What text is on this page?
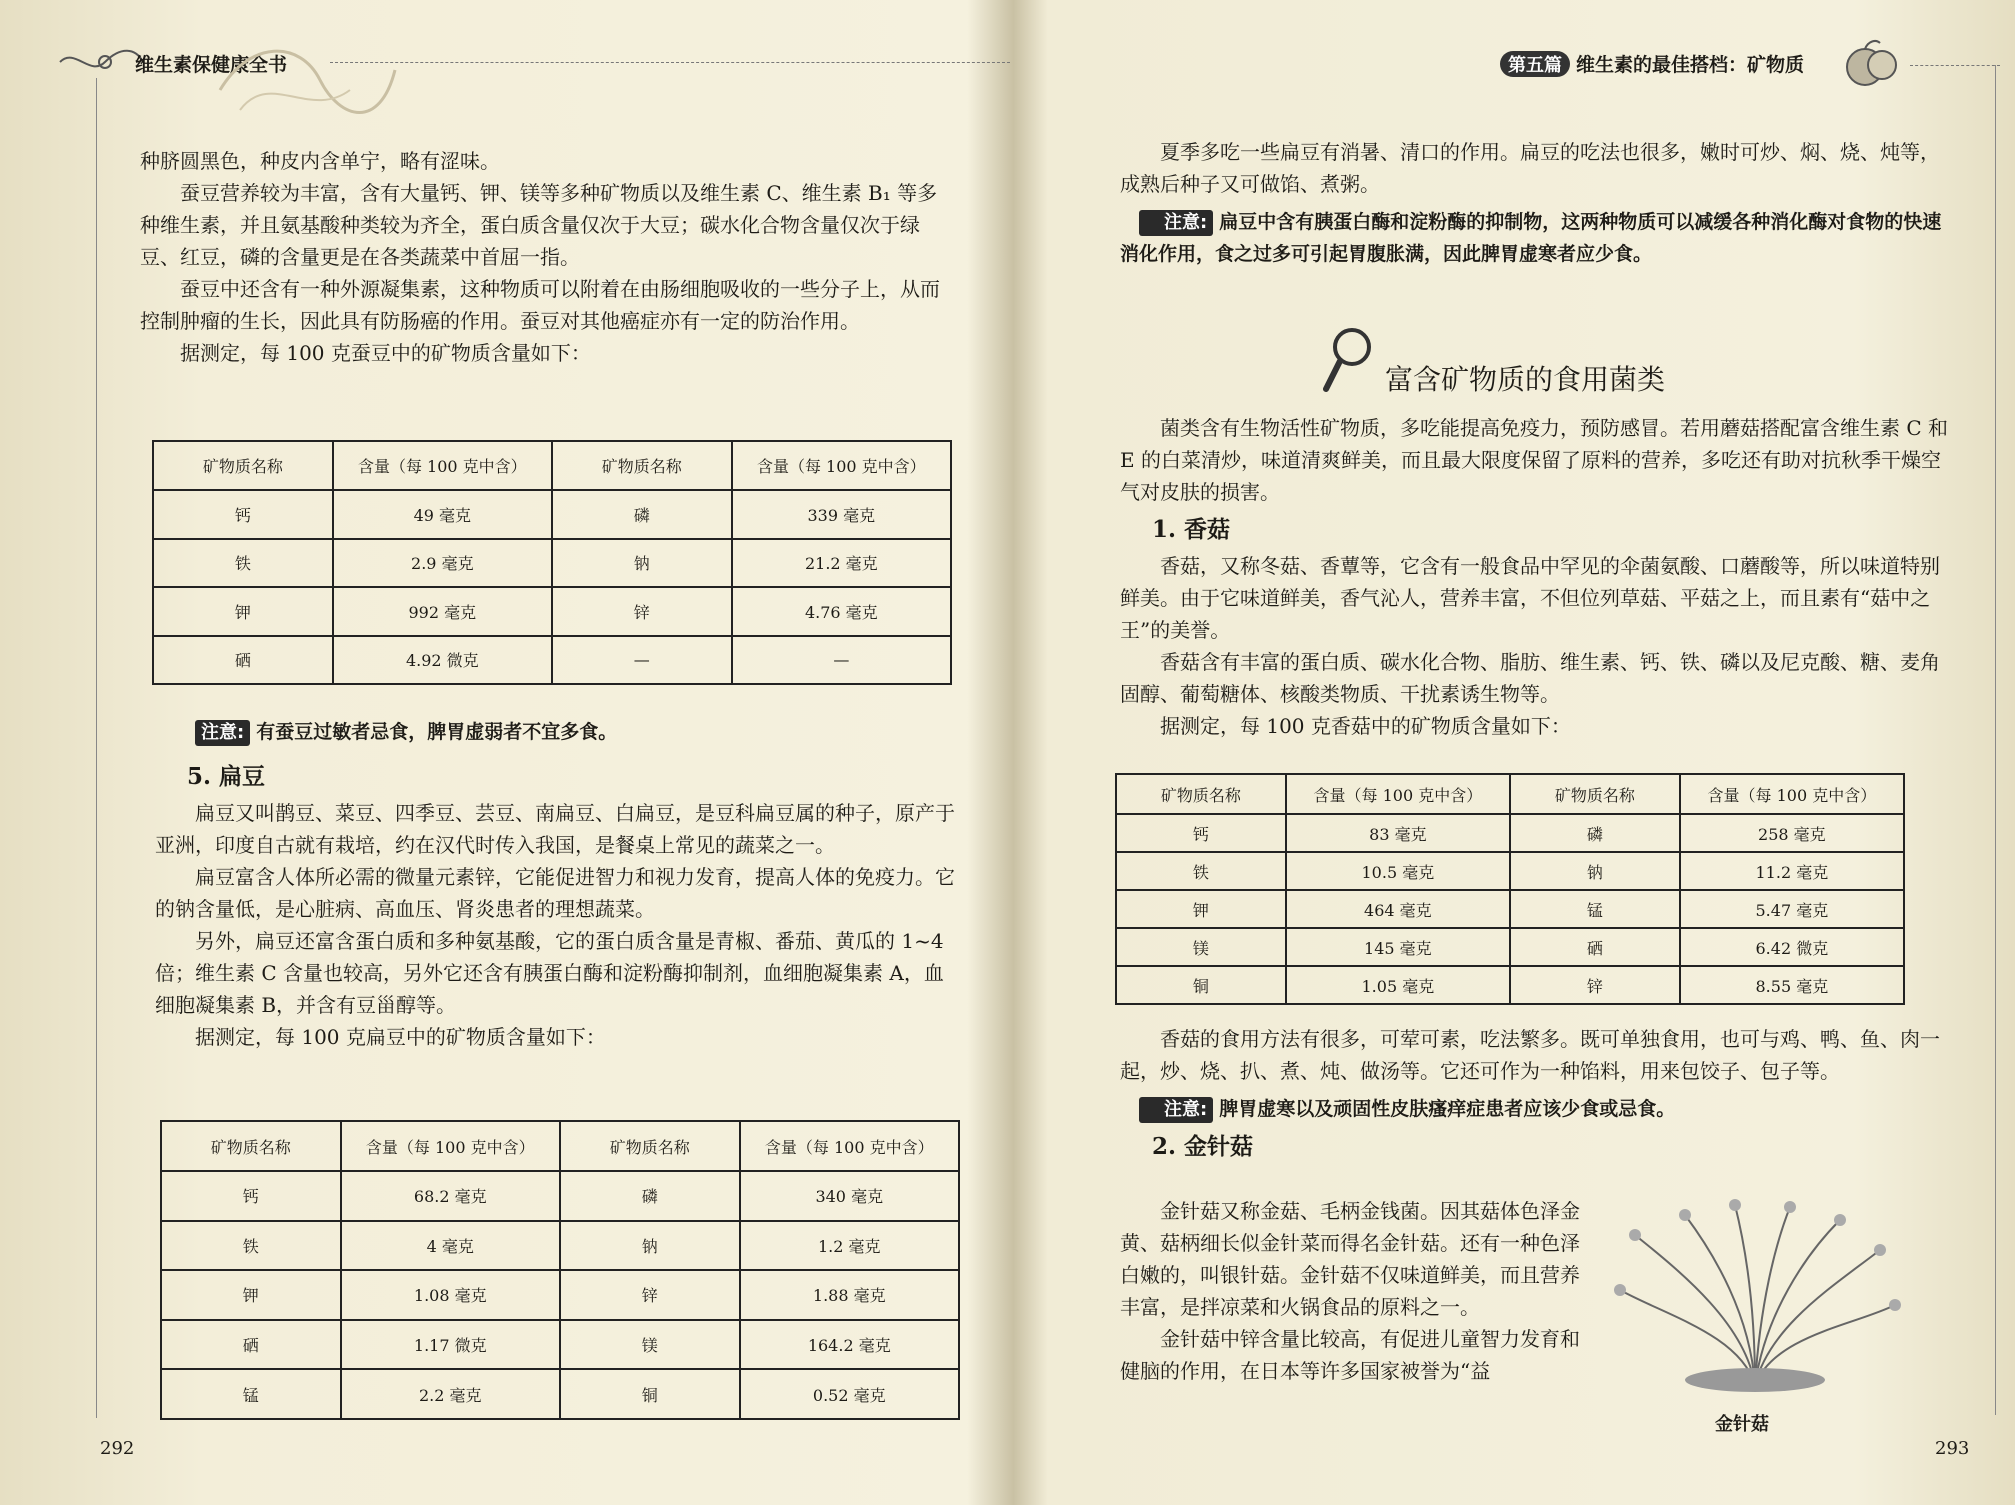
维生素保健康全书

种脐圆黑色，种皮内含单宁，略有涩味。

蚕豆营养较为丰富，含有大量钙、钾、镁等多种矿物质以及维生素 C、维生素 B₁ 等多种维生素，并且氨基酸种类较为齐全，蛋白质含量仅次于大豆；碳水化合物含量仅次于绿豆、红豆，磷的含量更是在各类蔬菜中首屈一指。

蚕豆中还含有一种外源凝集素，这种物质可以附着在由肠细胞吸收的一些分子上，从而控制肿瘤的生长，因此具有防肠癌的作用。蚕豆对其他癌症亦有一定的防治作用。

据测定，每 100 克蚕豆中的矿物质含量如下：

矿物质名称	含量（每 100 克中含）	矿物质名称	含量（每 100 克中含）
钙	49 毫克	磷	339 毫克
铁	2.9 毫克	钠	21.2 毫克
钾	992 毫克	锌	4.76 毫克
硒	4.92 微克	—	—

注意: 有蚕豆过敏者忌食，脾胃虚弱者不宜多食。

5. 扁豆

扁豆又叫鹊豆、菜豆、四季豆、芸豆、南扁豆、白扁豆，是豆科扁豆属的种子，原产于亚洲，印度自古就有栽培，约在汉代时传入我国，是餐桌上常见的蔬菜之一。

扁豆富含人体所必需的微量元素锌，它能促进智力和视力发育，提高人体的免疫力。它的钠含量低，是心脏病、高血压、肾炎患者的理想蔬菜。

另外，扁豆还富含蛋白质和多种氨基酸，它的蛋白质含量是青椒、番茄、黄瓜的 1~4 倍；维生素 C 含量也较高，另外它还含有胰蛋白酶和淀粉酶抑制剂，血细胞凝集素 A，血细胞凝集素 B，并含有豆甾醇等。

据测定，每 100 克扁豆中的矿物质含量如下：

矿物质名称	含量（每 100 克中含）	矿物质名称	含量（每 100 克中含）
钙	68.2 毫克	磷	340 毫克
铁	4 毫克	钠	1.2 毫克
钾	1.08 毫克	锌	1.88 毫克
硒	1.17 微克	镁	164.2 毫克
锰	2.2 毫克	铜	0.52 毫克
292
第五篇 维生素的最佳搭档：矿物质

夏季多吃一些扁豆有消暑、清口的作用。扁豆的吃法也很多，嫩时可炒、焖、烧、炖等，成熟后种子又可做馅、煮粥。

注意: 扁豆中含有胰蛋白酶和淀粉酶的抑制物，这两种物质可以减缓各种消化酶对食物的快速消化作用，食之过多可引起胃腹胀满，因此脾胃虚寒者应少食。

富含矿物质的食用菌类

菌类含有生物活性矿物质，多吃能提高免疫力，预防感冒。若用蘑菇搭配富含维生素 C 和 E 的白菜清炒，味道清爽鲜美，而且最大限度保留了原料的营养，多吃还有助对抗秋季干燥空气对皮肤的损害。

1. 香菇

香菇，又称冬菇、香蕈等，它含有一般食品中罕见的伞菌氨酸、口蘑酸等，所以味道特别鲜美。由于它味道鲜美，香气沁人，营养丰富，不但位列草菇、平菇之上，而且素有“菇中之王”的美誉。

香菇含有丰富的蛋白质、碳水化合物、脂肪、维生素、钙、铁、磷以及尼克酸、糖、麦角固醇、葡萄糖体、核酸类物质、干扰素诱生物等。

据测定，每 100 克香菇中的矿物质含量如下：

矿物质名称	含量（每 100 克中含）	矿物质名称	含量（每 100 克中含）
钙	83 毫克	磷	258 毫克
铁	10.5 毫克	钠	11.2 毫克
钾	464 毫克	锰	5.47 毫克
镁	145 毫克	硒	6.42 微克
铜	1.05 毫克	锌	8.55 毫克

香菇的食用方法有很多，可荤可素，吃法繁多。既可单独食用，也可与鸡、鸭、鱼、肉一起，炒、烧、扒、煮、炖、做汤等。它还可作为一种馅料，用来包饺子、包子等。

注意: 脾胃虚寒以及顽固性皮肤瘙痒症患者应该少食或忌食。

2. 金针菇

金针菇又称金菇、毛柄金钱菌。因其菇体色泽金黄、菇柄细长似金针菜而得名金针菇。还有一种色泽白嫩的，叫银针菇。金针菇不仅味道鲜美，而且营养丰富，是拌凉菜和火锅食品的原料之一。

金针菇中锌含量比较高，有促进儿童智力发育和健脑的作用，在日本等许多国家被誉为“益

金针菇
293
